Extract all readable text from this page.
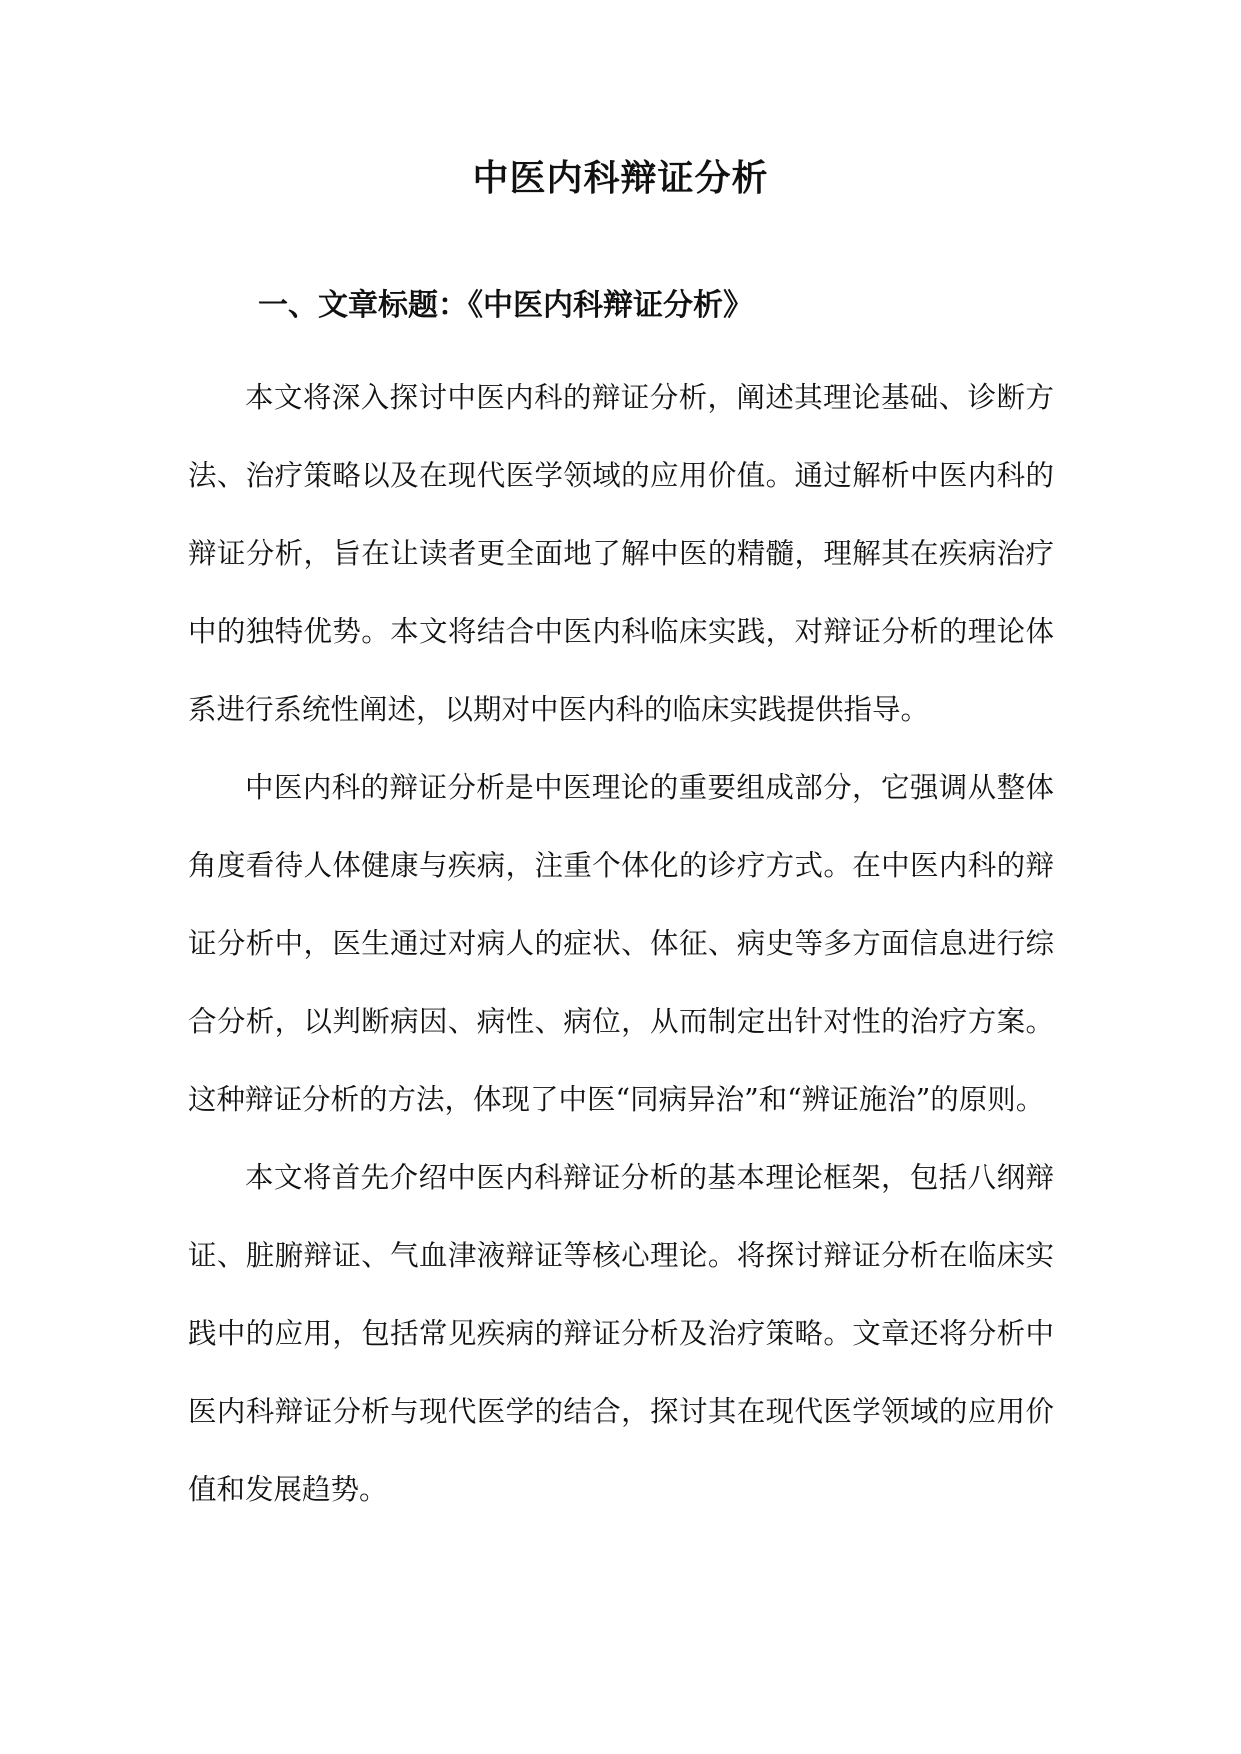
中医内科辩证分析
一、文章标题：《中医内科辩证分析》

本文将深入探讨中医内科的辩证分析，阐述其理论基础、诊断方法、治疗策略以及在现代医学领域的应用价值。通过解析中医内科的辩证分析，旨在让读者更全面地了解中医的精髓，理解其在疾病治疗中的独特优势。本文将结合中医内科临床实践，对辩证分析的理论体系进行系统性阐述，以期对中医内科的临床实践提供指导。

中医内科的辩证分析是中医理论的重要组成部分，它强调从整体角度看待人体健康与疾病，注重个体化的诊疗方式。在中医内科的辩证分析中，医生通过对病人的症状、体征、病史等多方面信息进行综合分析，以判断病因、病性、病位，从而制定出针对性的治疗方案。这种辩证分析的方法，体现了中医“同病异治”和“辨证施治”的原则。

本文将首先介绍中医内科辩证分析的基本理论框架，包括八纲辩证、脏腑辩证、气血津液辩证等核心理论。将探讨辩证分析在临床实践中的应用，包括常见疾病的辩证分析及治疗策略。文章还将分析中医内科辩证分析与现代医学的结合，探讨其在现代医学领域的应用价值和发展趋势。
